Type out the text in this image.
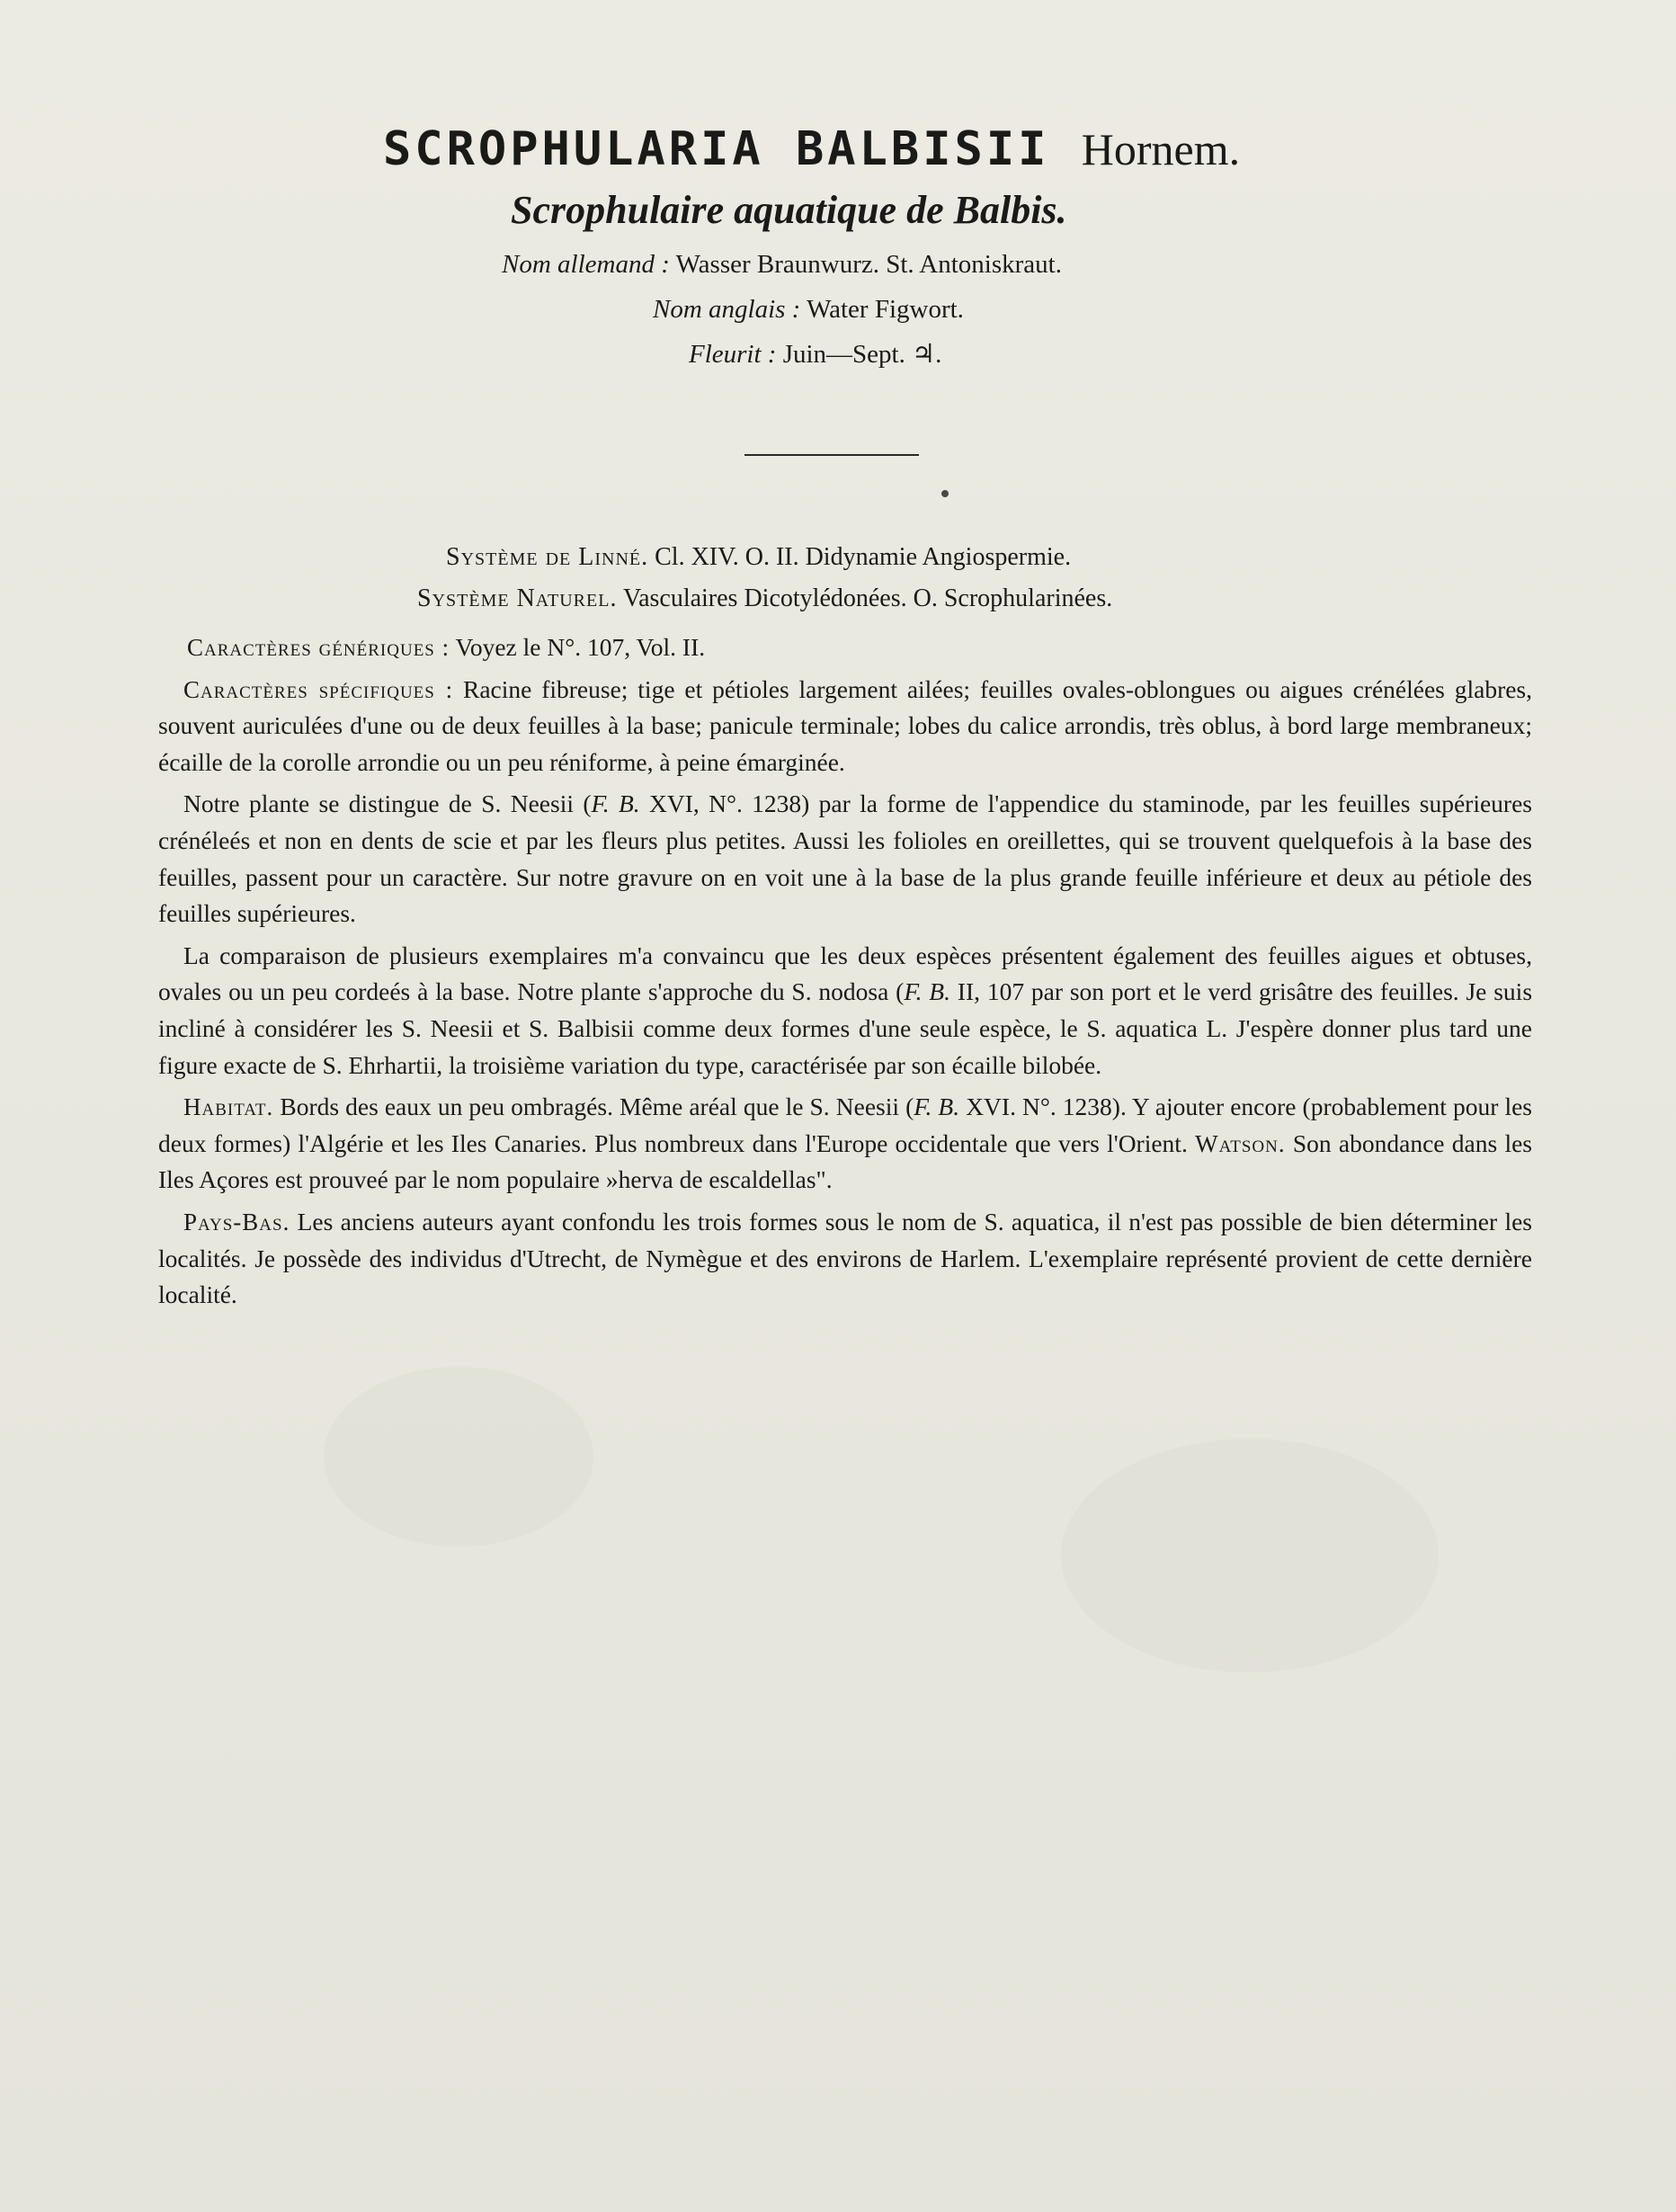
SCROPHULARIA BALBISII Hornem.
Scrophulaire aquatique de Balbis.
Nom allemand : Wasser Braunwurz. St. Antoniskraut.
Nom anglais : Water Figwort.
Fleurit : Juin—Sept. ♃.
Système de Linné. Cl. XIV. O. II. Didynamie Angiospermie.
Système Naturel. Vasculaires Dicotylédonées. O. Scrophularinées.

Caractères génériques : Voyez le N°. 107, Vol. II.

Caractères spécifiques : Racine fibreuse; tige et pétioles largement ailées; feuilles ovales-oblongues ou aigues crénélées glabres, souvent auriculées d'une ou de deux feuilles à la base; panicule terminale; lobes du calice arrondis, très oblus, à bord large membraneux; écaille de la corolle arrondie ou un peu réniforme, à peine émarginée.

Notre plante se distingue de S. Neesii (F. B. XVI, N°. 1238) par la forme de l'appendice du staminode, par les feuilles supérieures crénéleés et non en dents de scie et par les fleurs plus petites. Aussi les folioles en oreillettes, qui se trouvent quelquefois à la base des feuilles, passent pour un caractère. Sur notre gravure on en voit une à la base de la plus grande feuille inférieure et deux au pétiole des feuilles supérieures.

La comparaison de plusieurs exemplaires m'a convaincu que les deux espèces présentent également des feuilles aigues et obtuses, ovales ou un peu cordeés à la base. Notre plante s'approche du S. nodosa (F. B. II, 107 par son port et le verd grisâtre des feuilles. Je suis incliné à considérer les S. Neesii et S. Balbisii comme deux formes d'une seule espèce, le S. aquatica L. J'espère donner plus tard une figure exacte de S. Ehrhartii, la troisième variation du type, caractérisée par son écaille bilobée.

Habitat. Bords des eaux un peu ombragés. Même aréal que le S. Neesii (F. B. XVI. N°. 1238). Y ajouter encore (probablement pour les deux formes) l'Algérie et les Iles Canaries. Plus nombreux dans l'Europe occidentale que vers l'Orient. Watson. Son abondance dans les Iles Açores est prouveé par le nom populaire »herva de escaldellas".

Pays-Bas. Les anciens auteurs ayant confondu les trois formes sous le nom de S. aquatica, il n'est pas possible de bien déterminer les localités. Je possède des individus d'Utrecht, de Nymègue et des environs de Harlem. L'exemplaire représenté provient de cette dernière localité.
